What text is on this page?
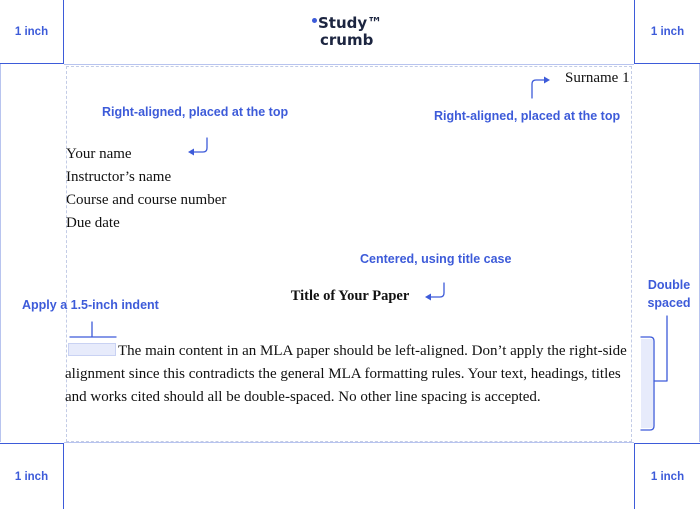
1 inch	1 inch
1 inch	1 inch
Study™
crumb
Surname 1
Your name
Instructor’s name
Course and course number
Due date
Title of Your Paper
The main content in an MLA paper should be left-aligned. Don’t apply the right-side alignment since this contradicts the general MLA formatting rules. Your text, headings, titles and works cited should all be double-spaced. No other line spacing is accepted.
Right-aligned, placed at the top	Right-aligned, placed at the top
Centered, using title case
Apply a 1.5-inch indent
Double
spaced
